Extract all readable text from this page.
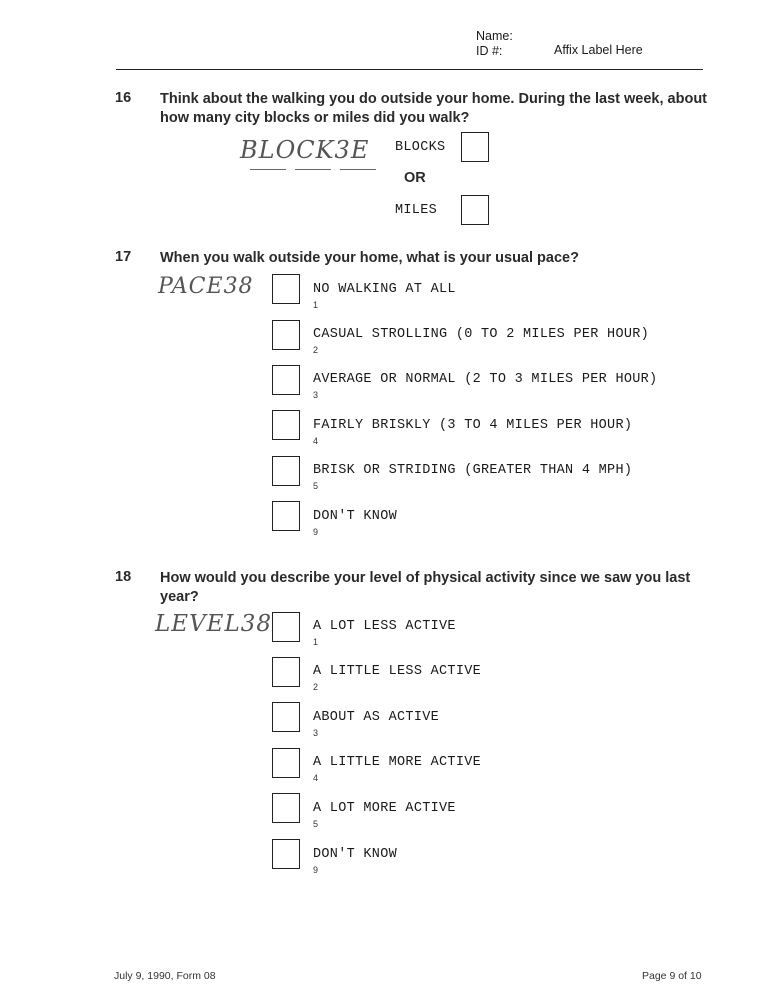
Name:
ID #:	Affix Label Here
16 Think about the walking you do outside your home. During the last week, about how many city blocks or miles did you walk?
BLOCK3E BLOCKS
OR
MILES
17 When you walk outside your home, what is your usual pace?
PACE38	NO WALKING AT ALL
1
CASUAL STROLLING (0 TO 2 MILES PER HOUR)
2
AVERAGE OR NORMAL (2 TO 3 MILES PER HOUR)
3
FAIRLY BRISKLY (3 TO 4 MILES PER HOUR)
4
BRISK OR STRIDING (GREATER THAN 4 MPH)
5
DON'T KNOW
9
18 How would you describe your level of physical activity since we saw you last year?
LEVEL38	A LOT LESS ACTIVE
1
A LITTLE LESS ACTIVE
2
ABOUT AS ACTIVE
3
A LITTLE MORE ACTIVE
4
A LOT MORE ACTIVE
5
DON'T KNOW
9
July 9, 1990, Form 08	Page 9 of 10
